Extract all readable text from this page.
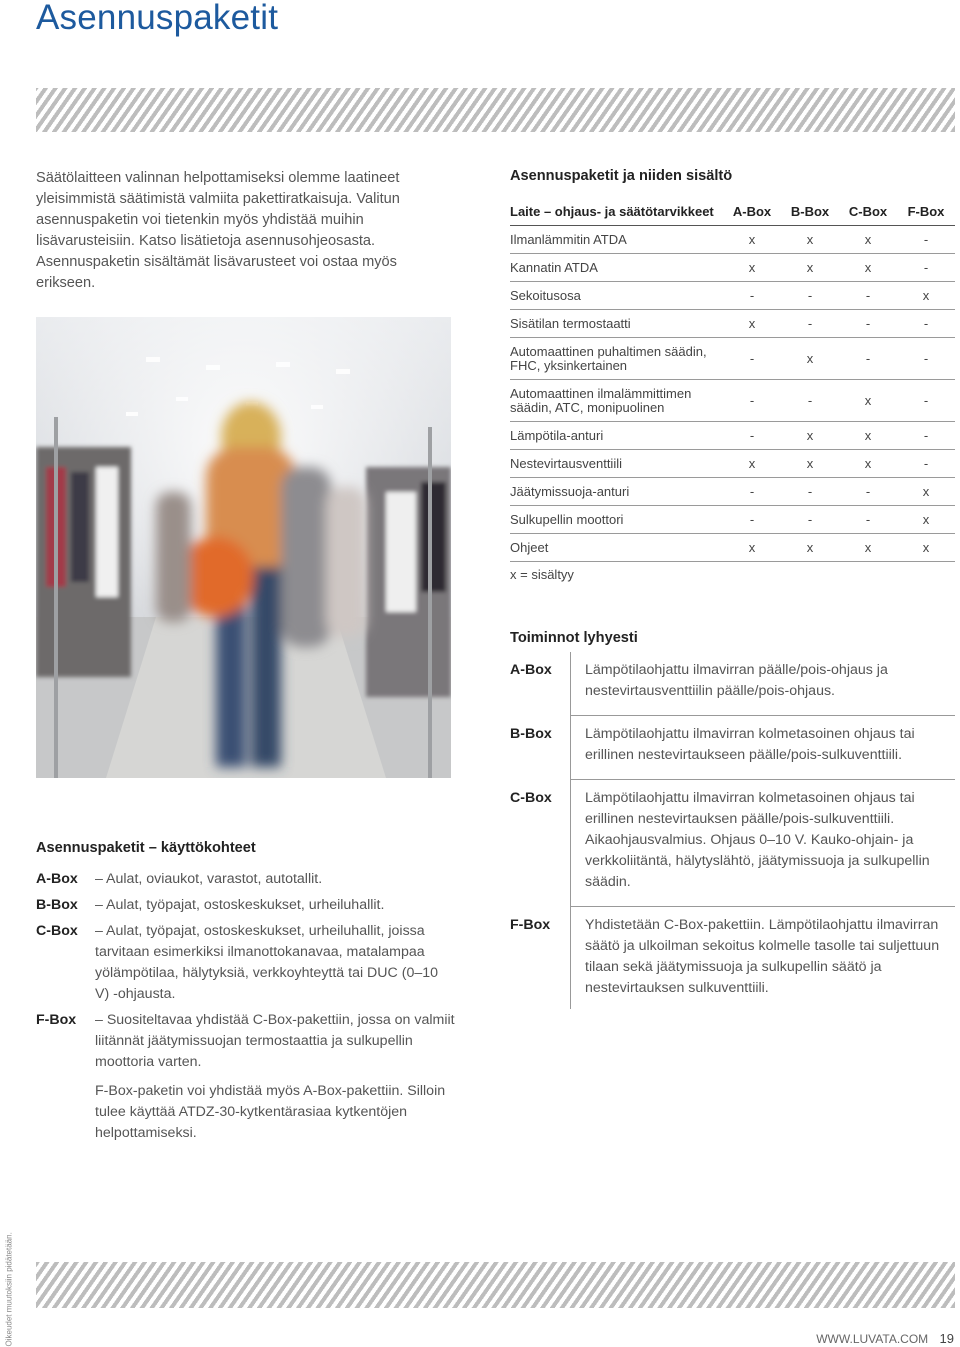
Asennuspaketit

Säätölaitteen valinnan helpottamiseksi olemme laatineet yleisimmistä säätimistä valmiita pakettiratkaisuja. Valitun asennuspaketin voi tietenkin myös yhdistää muihin lisävarusteisiin. Katso lisätietoja asennusohjeosasta. Asennuspaketin sisältämät lisävarusteet voi ostaa myös erikseen.

Asennuspaketit ja niiden sisältö
Laite – ohjaus- ja säätötarvikkeet	A-Box	B-Box	C-Box	F-Box
Ilmanlämmitin ATDA	x	x	x	-
Kannatin ATDA	x	x	x	-
Sekoitusosa	-	-	-	x
Sisätilan termostaatti	x	-	-	-
Automaattinen puhaltimen säädin, FHC, yksinkertainen	-	x	-	-
Automaattinen ilmalämmittimen säädin, ATC, monipuolinen	-	-	x	-
Lämpötila-anturi	-	x	x	-
Nestevirtausventtiili	x	x	x	-
Jäätymissuoja-anturi	-	-	-	x
Sulkupellin moottori	-	-	-	x
Ohjeet	x	x	x	x
x = sisältyy
Toiminnot lyhyesti
A-Box	Lämpötilaohjattu ilmavirran päälle/pois-ohjaus ja nestevirtausventtiilin päälle/pois-ohjaus.
B-Box	Lämpötilaohjattu ilmavirran kolmetasoinen ohjaus tai erillinen nestevirtaukseen päälle/pois-sulkuventtiili.
C-Box	Lämpötilaohjattu ilmavirran kolmetasoinen ohjaus tai erillinen nestevirtauksen päälle/pois-sulkuventtiili. Aikaohjausvalmius. Ohjaus 0–10 V. Kauko-ohjain- ja verkkoliitäntä, hälytyslähtö, jäätymissuoja ja sulkupellin säädin.
F-Box	Yhdistetään C-Box-pakettiin. Lämpötilaohjattu ilmavirran säätö ja ulkoilman sekoitus kolmelle tasolle tai suljettuun tilaan sekä jäätymissuoja ja sulkupellin säätö ja nestevirtauksen sulkuventtiili.
Asennuspaketit – käyttökohteet
A-Box	– Aulat, oviaukot, varastot, autotallit.
B-Box	– Aulat, työpajat, ostoskeskukset, urheiluhallit.
C-Box	– Aulat, työpajat, ostoskeskukset, urheiluhallit, joissa tarvitaan esimerkiksi ilmanottokanavaa, matalampaa yölämpötilaa, hälytyksiä, verkkoyhteyttä tai DUC (0–10 V) -ohjausta.
F-Box	– Suositeltavaa yhdistää C-Box-pakettiin, jossa on valmiit liitännät jäätymissuojan termostaattia ja sulkupellin moottoria varten.
F-Box-paketin voi yhdistää myös A-Box-pakettiin. Silloin tulee käyttää ATDZ-30-kytkentärasiaa kytkentöjen helpottamiseksi.
Oikeudet muutoksiin pidätetään.	WWW.LUVATA.COM 19
